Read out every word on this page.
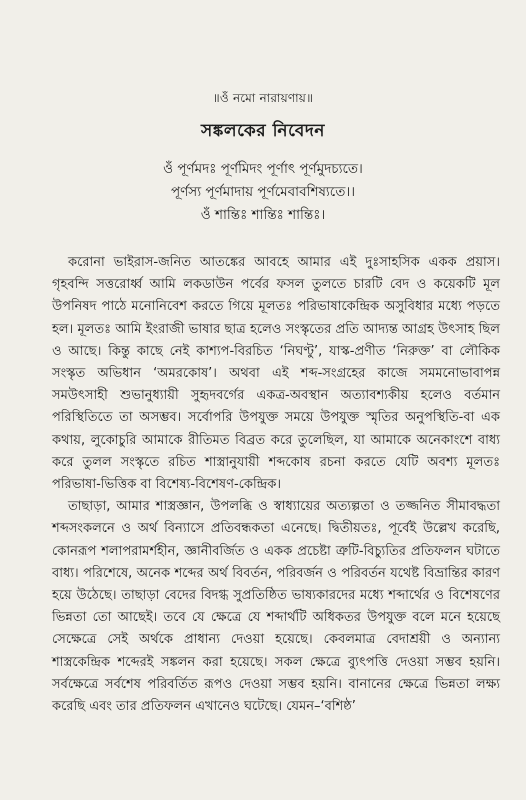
॥ওঁ নমো নারায়ণায়॥
সঙ্কলকের নিবেদন
ওঁ পূর্ণমদঃ পূর্ণমিদং পূর্ণাৎ পূর্ণমুদচ্যতে।
পূর্ণস্য পূর্ণমাদায় পূর্ণমেবাবশিষ্যতে।।
ওঁ শান্তিঃ শান্তিঃ শান্তিঃ।

করোনা ভাইরাস-জনিত আতঙ্কের আবহে আমার এই দুঃসাহসিক একক প্রয়াস। গৃহবন্দি সত্তরোর্ধ্ব আমি লকডাউন পর্বের ফসল তুলতে চারটি বেদ ও কয়েকটি মূল উপনিষদ পাঠে মনোনিবেশ করতে গিয়ে মূলতঃ পরিভাষাকেন্দ্রিক অসুবিধার মধ্যে পড়তে হল। মূলতঃ আমি ইংরাজী ভাষার ছাত্র হলেও সংস্কৃতের প্রতি আদ্যন্ত আগ্রহ উৎসাহ ছিল ও আছে। কিন্তু কাছে নেই কাশ্যপ-বিরচিত ‘নিঘণ্টু’, যাস্ক-প্রণীত ‘নিরুক্ত’ বা লৌকিক সংস্কৃত অভিধান ‘অমরকোষ’। অথবা এই শব্দ-সংগ্রহের কাজে সমমনোভাবাপন্ন সমউৎসাহী শুভানুধ্যায়ী সুহৃদবর্গের একত্র-অবস্থান অত্যাবশ্যকীয় হলেও বর্তমান পরিস্থিতিতে তা অসম্ভব। সর্বোপরি উপযুক্ত সময়ে উপযুক্ত স্মৃতির অনুপস্থিতি-বা এক কথায়, লুকোচুরি আমাকে রীতিমত বিব্রত করে তুলেছিল, যা আমাকে অনেকাংশে বাধ্য করে তুলল সংস্কৃতে রচিত শাস্ত্রানুযায়ী শব্দকোষ রচনা করতে যেটি অবশ্য মূলতঃ পরিভাষা-ভিত্তিক বা বিশেষ্য-বিশেষণ-কেন্দ্রিক।

তাছাড়া, আমার শাস্ত্রজ্ঞান, উপলব্ধি ও স্বাধ্যায়ের অত্যল্পতা ও তজ্জনিত সীমাবদ্ধতা শব্দসংকলনে ও অর্থ বিন্যাসে প্রতিবন্ধকতা এনেছে। দ্বিতীয়তঃ, পূর্বেই উল্লেখ করেছি, কোনরূপ শলাপরামর্শহীন, জ্ঞানীবর্জিত ও একক প্রচেষ্টা ত্রুটি-বিচ্যুতির প্রতিফলন ঘটাতে বাধ্য। পরিশেষে, অনেক শব্দের অর্থ বিবর্তন, পরিবর্জন ও পরিবর্তন যথেষ্ট বিভ্রান্তির কারণ হয়ে উঠেছে। তাছাড়া বেদের বিদগ্ধ সুপ্রতিষ্ঠিত ভাষ্যকারদের মধ্যে শব্দার্থের ও বিশেষণের ভিন্নতা তো আছেই। তবে যে ক্ষেত্রে যে শব্দার্থটি অধিকতর উপযুক্ত বলে মনে হয়েছে সেক্ষেত্রে সেই অর্থকে প্রাধান্য দেওয়া হয়েছে। কেবলমাত্র বেদাশ্রয়ী ও অন্যান্য শাস্ত্রকেন্দ্রিক শব্দেরই সঙ্কলন করা হয়েছে। সকল ক্ষেত্রে ব্যুৎপত্তি দেওয়া সম্ভব হয়নি। সর্বক্ষেত্রে সর্বশেষ পরিবর্তিত রূপও দেওয়া সম্ভব হয়নি। বানানের ক্ষেত্রে ভিন্নতা লক্ষ্য করেছি এবং তার প্রতিফলন এখানেও ঘটেছে। যেমন–‘বশিষ্ঠ’
